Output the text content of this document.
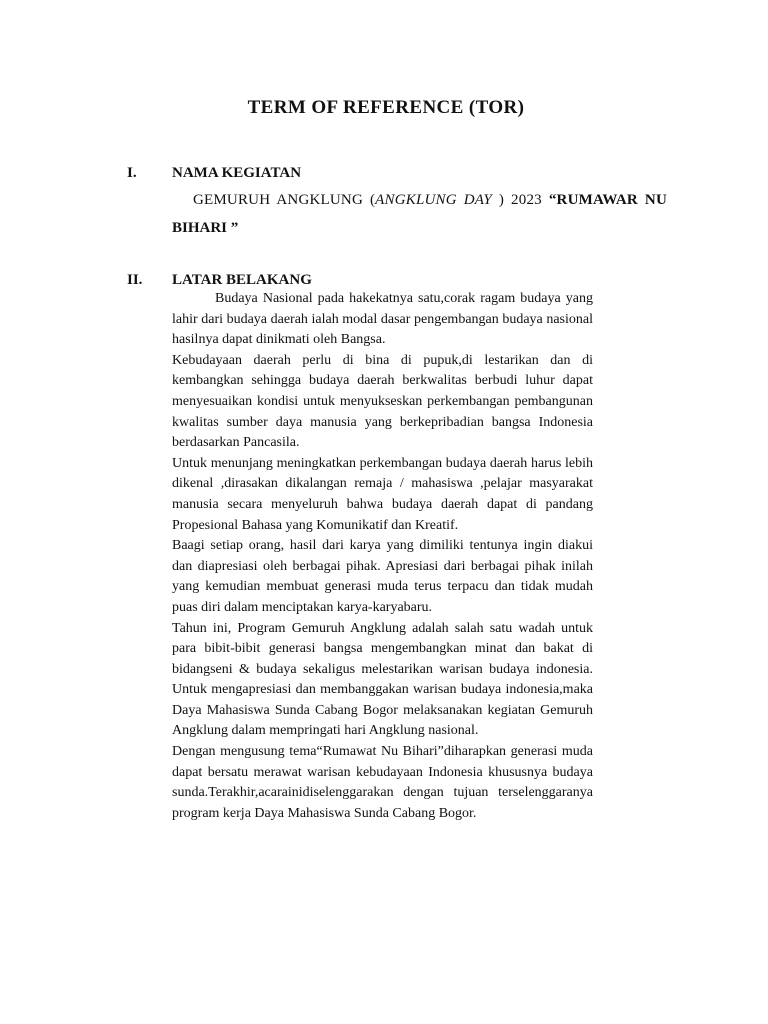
TERM OF REFERENCE (TOR)
I. NAMA KEGIATAN
GEMURUH ANGKLUNG (ANGKLUNG DAY ) 2023 “RUMAWAR NU
BIHARI ”
II. LATAR BELAKANG

Budaya Nasional pada hakekatnya satu,corak ragam budaya yang lahir dari budaya daerah ialah modal dasar pengembangan budaya nasional hasilnya dapat dinikmati oleh Bangsa.

Kebudayaan daerah perlu di bina di pupuk,di lestarikan dan di kembangkan sehingga budaya daerah berkwalitas berbudi luhur dapat menyesuaikan kondisi untuk menyukseskan perkembangan pembangunan kwalitas sumber daya manusia yang berkepribadian bangsa Indonesia berdasarkan Pancasila.

Untuk menunjang meningkatkan perkembangan budaya daerah harus lebih dikenal ,dirasakan dikalangan remaja / mahasiswa ,pelajar masyarakat manusia secara menyeluruh bahwa budaya daerah dapat di pandang Propesional Bahasa yang Komunikatif dan Kreatif.

Baagi setiap orang, hasil dari karya yang dimiliki tentunya ingin diakui dan diapresiasi oleh berbagai pihak. Apresiasi dari berbagai pihak inilah yang kemudian membuat generasi muda terus terpacu dan tidak mudah puas diri dalam menciptakan karya-karyabaru.

Tahun ini, Program Gemuruh Angklung adalah salah satu wadah untuk para bibit-bibit generasi bangsa mengembangkan minat dan bakat di bidangseni & budaya sekaligus melestarikan warisan budaya indonesia. Untuk mengapresiasi dan membanggakan warisan budaya indonesia,maka Daya Mahasiswa Sunda Cabang Bogor melaksanakan kegiatan Gemuruh Angklung dalam mempringati hari Angklung nasional.

Dengan mengusung tema“Rumawat Nu Bihari”diharapkan generasi muda dapat bersatu merawat warisan kebudayaan Indonesia khususnya budaya sunda.Terakhir,acarainidiselenggarakan dengan tujuan terselenggaranya program kerja Daya Mahasiswa Sunda Cabang Bogor.
